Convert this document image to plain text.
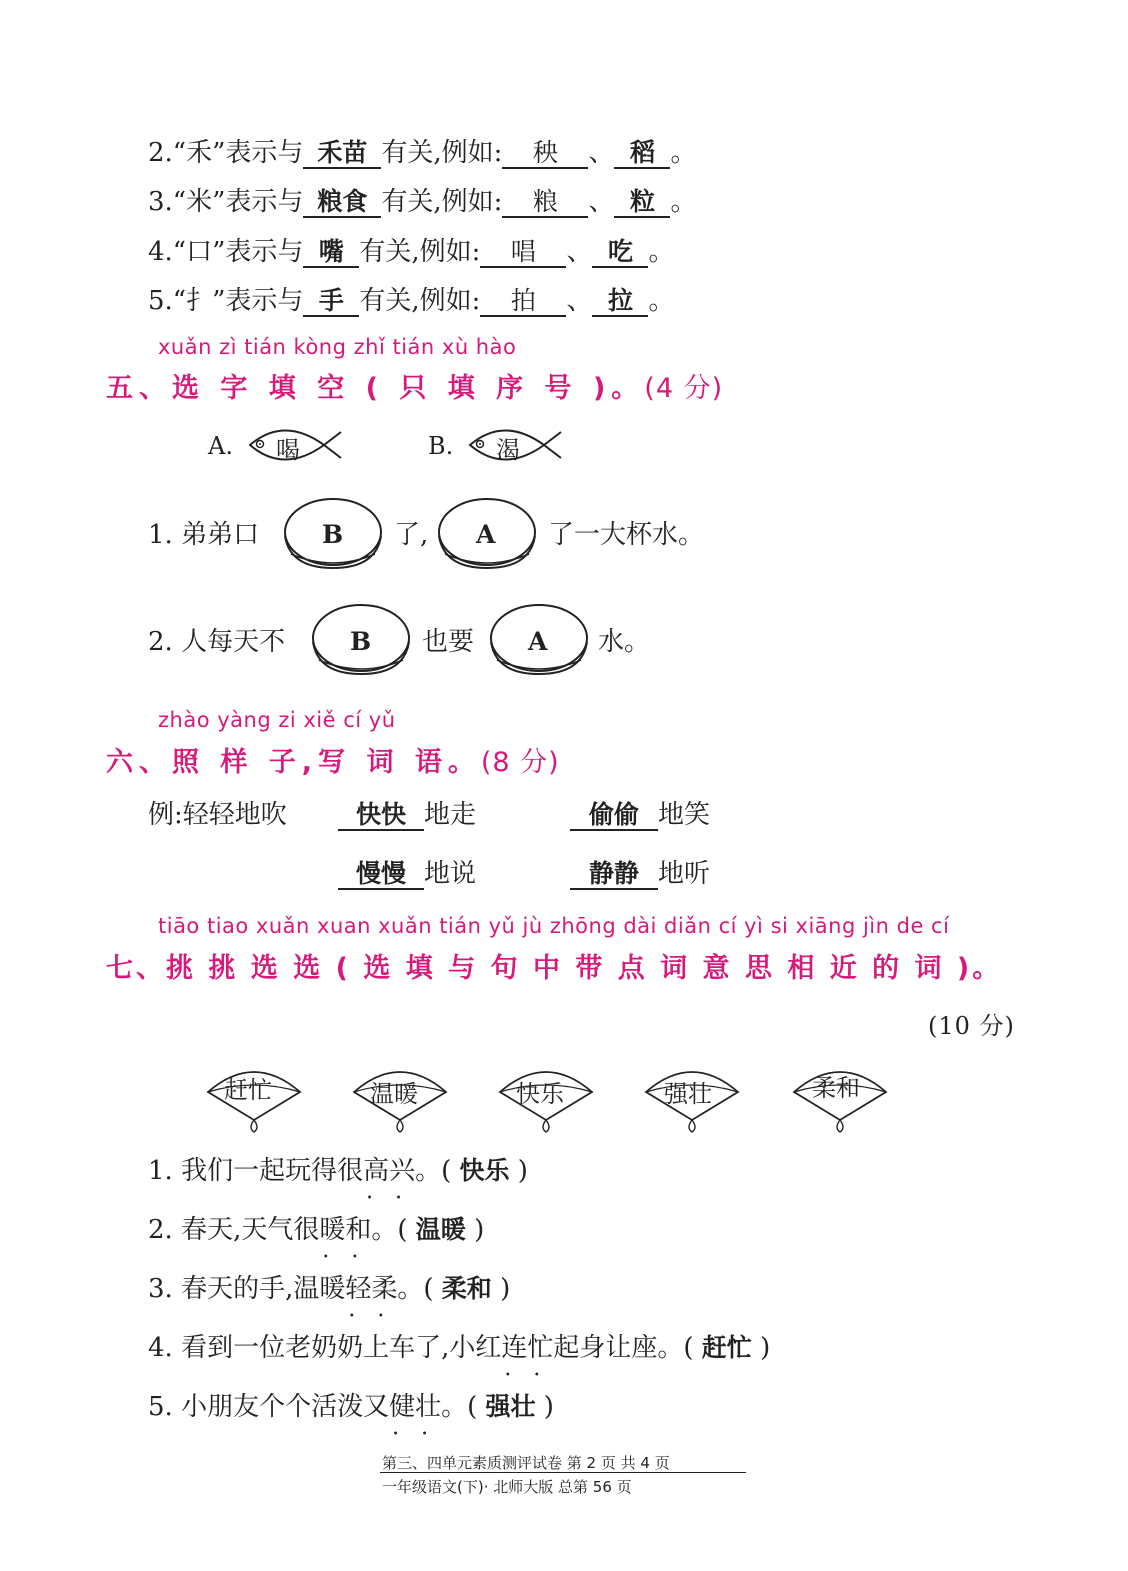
2.“禾”表示与 禾苗 有关,例如: 秧 、 稻 。
3.“米”表示与 粮食 有关,例如: 粮 、 粒 。
4.“口”表示与 嘴 有关,例如: 唱 、 吃 。
5.“扌”表示与 手 有关,例如: 拍 、 拉 。
xuǎn zì tián kòng zhǐ tián xù hào
五、选 字 填 空 ( 只 填 序 号 )。(4 分)
A. 喝	B. 渴
1. 弟弟口	B 了, A 了一大杯水。
2. 人每天不	B 也要 A 水。
zhào yàng zi xiě cí yǔ
六、照 样 子,写 词 语。(8 分)
例:轻轻地吹	快快 地走	偷偷 地笑
慢慢 地说	静静 地听
tiāo tiao xuǎn xuan xuǎn tián yǔ jù zhōng dài diǎn cí yì si xiāng jìn de cí
七、挑 挑 选 选 ( 选 填 与 句 中 带 点 词 意 思 相 近 的 词 )。
(10 分)
赶忙	温暖	快乐	强壮	柔和
1. 我们一起玩得很高兴 • •。( 快乐 )
2. 春天,天气很暖和 • •。( 温暖 )
3. 春天的手,温暖轻柔 • •。( 柔和 )
4. 看到一位老奶奶上车了,小红连忙 • •起身让座。( 赶忙 )
5. 小朋友个个活泼又健壮 • •。( 强壮 )
第三、四单元素质测评试卷 第 2 页 共 4 页
一年级语文(下)· 北师大版 总第 56 页
